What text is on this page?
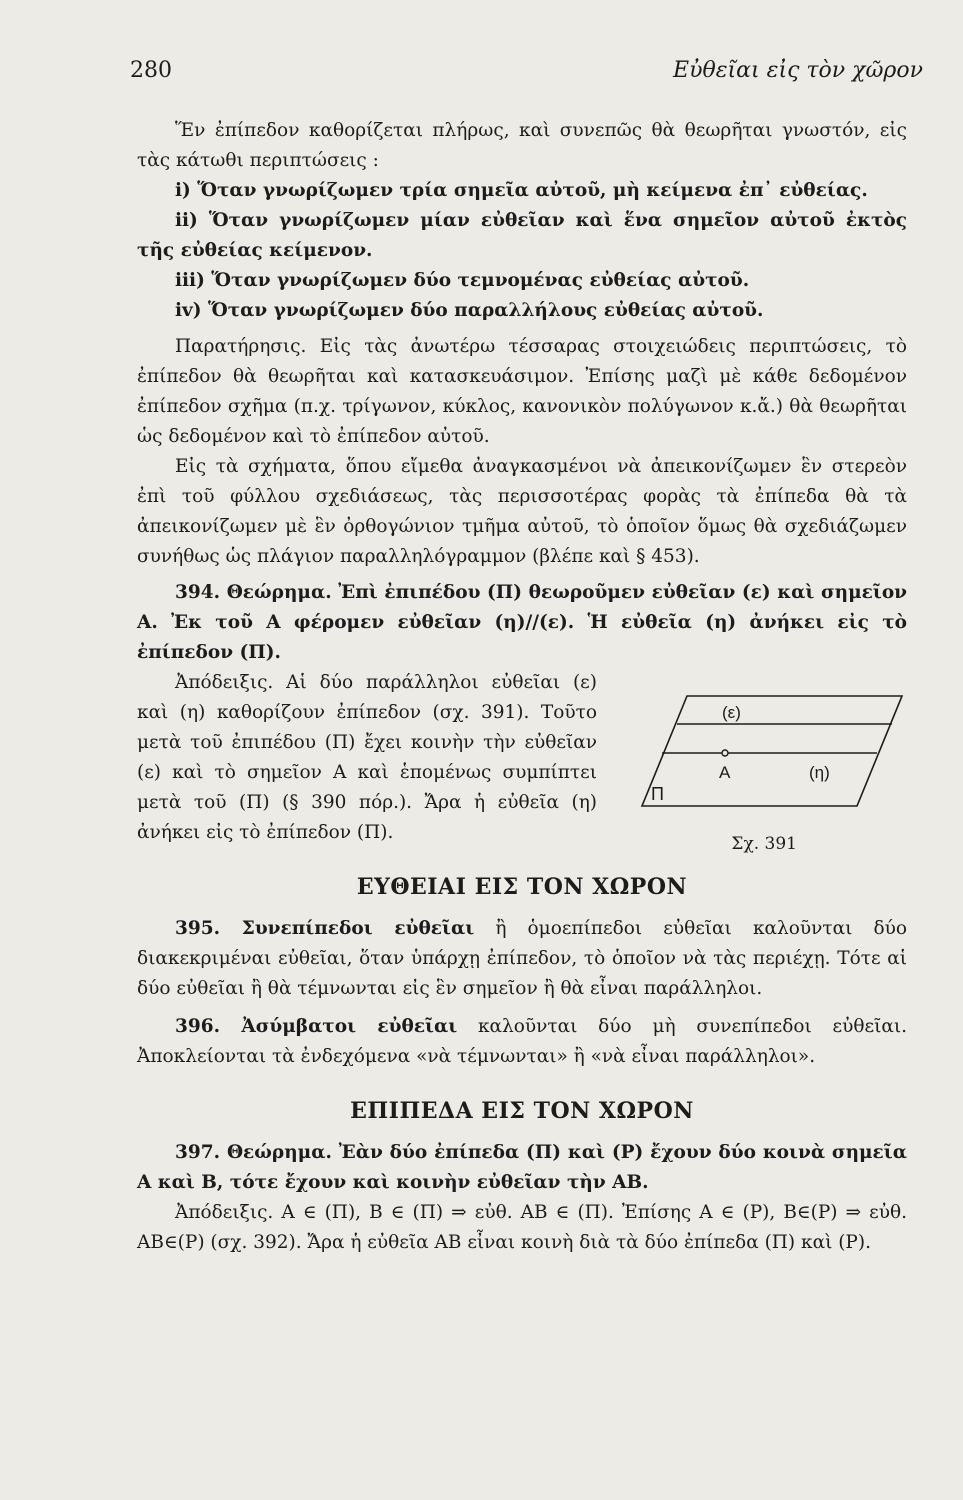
280	Εὐθεῖαι εἰς τὸν χῶρον

Ἕν ἐπίπεδον καθορίζεται πλήρως, καὶ συνεπῶς θὰ θεωρῆται γνωστόν, εἰς τὰς κάτωθι περιπτώσεις :

i) Ὅταν γνωρίζωμεν τρία σημεῖα αὐτοῦ, μὴ κείμενα ἐπ᾽ εὐθείας.

ii) Ὅταν γνωρίζωμεν μίαν εὐθεῖαν καὶ ἕνα σημεῖον αὐτοῦ ἐκτὸς τῆς εὐθείας κείμενον.

iii) Ὅταν γνωρίζωμεν δύο τεμνομένας εὐθείας αὐτοῦ.

iv) Ὅταν γνωρίζωμεν δύο παραλλήλους εὐθείας αὐτοῦ.

Παρατήρησις. Εἰς τὰς ἀνωτέρω τέσσαρας στοιχειώδεις περιπτώσεις, τὸ ἐπίπεδον θὰ θεωρῆται καὶ κατασκευάσιμον. Ἐπίσης μαζὶ μὲ κάθε δεδομένον ἐπίπεδον σχῆμα (π.χ. τρίγωνον, κύκλος, κανονικὸν πολύγωνον κ.ἄ.) θὰ θεωρῆται ὡς δεδομένον καὶ τὸ ἐπίπεδον αὐτοῦ.

Εἰς τὰ σχήματα, ὅπου εἴμεθα ἀναγκασμένοι νὰ ἀπεικονίζωμεν ἓν στερεὸν ἐπὶ τοῦ φύλλου σχεδιάσεως, τὰς περισσοτέρας φορὰς τὰ ἐπίπεδα θὰ τὰ ἀπεικονίζωμεν μὲ ἓν ὀρθογώνιον τμῆμα αὐτοῦ, τὸ ὁποῖον ὅμως θὰ σχεδιάζωμεν συνήθως ὡς πλάγιον παραλληλόγραμμον (βλέπε καὶ § 453).

394. Θεώρημα. Ἐπὶ ἐπιπέδου (Π) θεωροῦμεν εὐθεῖαν (ε) καὶ σημεῖον Α. Ἐκ τοῦ Α φέρομεν εὐθεῖαν (η)//(ε). Ἡ εὐθεῖα (η) ἀνήκει εἰς τὸ ἐπίπεδον (Π).

Ἀπόδειξις. Αἱ δύο παράλληλοι εὐθεῖαι (ε) καὶ (η) καθορίζουν ἐπίπεδον (σχ. 391). Τοῦτο μετὰ τοῦ ἐπιπέδου (Π) ἔχει κοινὴν τὴν εὐθεῖαν (ε) καὶ τὸ σημεῖον Α καὶ ἑπομένως συμπίπτει μετὰ τοῦ (Π) (§ 390 πόρ.). Ἄρα ἡ εὐθεῖα (η) ἀνήκει εἰς τὸ ἐπίπεδον (Π).

(ε)
Α	(η)
Π
Σχ. 391
ΕΥΘΕΙΑΙ ΕΙΣ ΤΟΝ ΧΩΡΟΝ

395. Συνεπίπεδοι εὐθεῖαι ἢ ὁμοεπίπεδοι εὐθεῖαι καλοῦνται δύο διακεκριμέναι εὐθεῖαι, ὅταν ὑπάρχῃ ἐπίπεδον, τὸ ὁποῖον νὰ τὰς περιέχῃ. Τότε αἱ δύο εὐθεῖαι ἢ θὰ τέμνωνται εἰς ἓν σημεῖον ἢ θὰ εἶναι παράλληλοι.

396. Ἀσύμβατοι εὐθεῖαι καλοῦνται δύο μὴ συνεπίπεδοι εὐθεῖαι. Ἀποκλείονται τὰ ἐνδεχόμενα «νὰ τέμνωνται» ἢ «νὰ εἶναι παράλληλοι».

ΕΠΙΠΕΔΑ ΕΙΣ ΤΟΝ ΧΩΡΟΝ

397. Θεώρημα. Ἐὰν δύο ἐπίπεδα (Π) καὶ (Ρ) ἔχουν δύο κοινὰ σημεῖα Α καὶ Β, τότε ἔχουν καὶ κοινὴν εὐθεῖαν τὴν ΑΒ.

Ἀπόδειξις. Α ∈ (Π), Β ∈ (Π) ⇒ εὐθ. ΑΒ ∈ (Π). Ἐπίσης Α ∈ (Ρ), Β∈(Ρ) ⇒ εὐθ. ΑΒ∈(Ρ) (σχ. 392). Ἄρα ἡ εὐθεῖα ΑΒ εἶναι κοινὴ διὰ τὰ δύο ἐπίπεδα (Π) καὶ (Ρ).
